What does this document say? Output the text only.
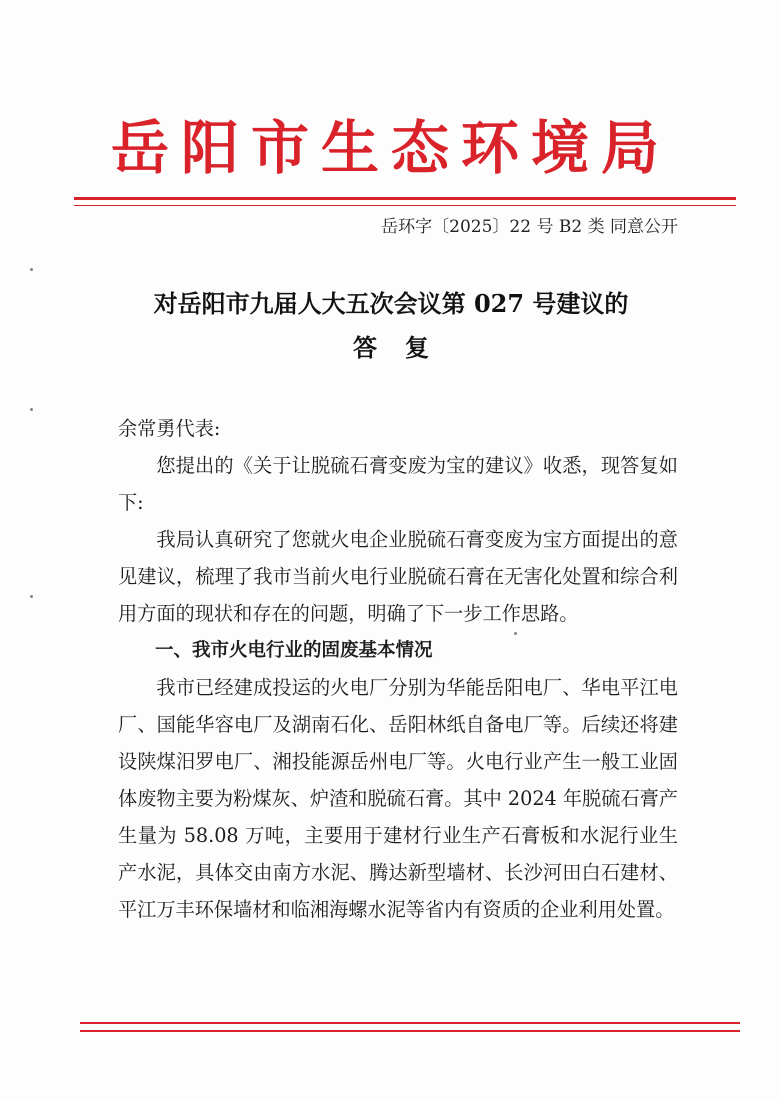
岳阳市生态环境局
岳环字〔2025〕22 号 B2 类 同意公开
对岳阳市九届人大五次会议第 027 号建议的
答复

余常勇代表:

您提出的《关于让脱硫石膏变废为宝的建议》收悉，现答复如下:

我局认真研究了您就火电企业脱硫石膏变废为宝方面提出的意见建议，梳理了我市当前火电行业脱硫石膏在无害化处置和综合利用方面的现状和存在的问题，明确了下一步工作思路。

一、我市火电行业的固废基本情况

我市已经建成投运的火电厂分别为华能岳阳电厂、华电平江电厂、国能华容电厂及湖南石化、岳阳林纸自备电厂等。后续还将建设陕煤汨罗电厂、湘投能源岳州电厂等。火电行业产生一般工业固体废物主要为粉煤灰、炉渣和脱硫石膏。其中 2024 年脱硫石膏产生量为 58.08 万吨，主要用于建材行业生产石膏板和水泥行业生产水泥，具体交由南方水泥、腾达新型墙材、长沙河田白石建材、平江万丰环保墙材和临湘海螺水泥等省内有资质的企业利用处置。
